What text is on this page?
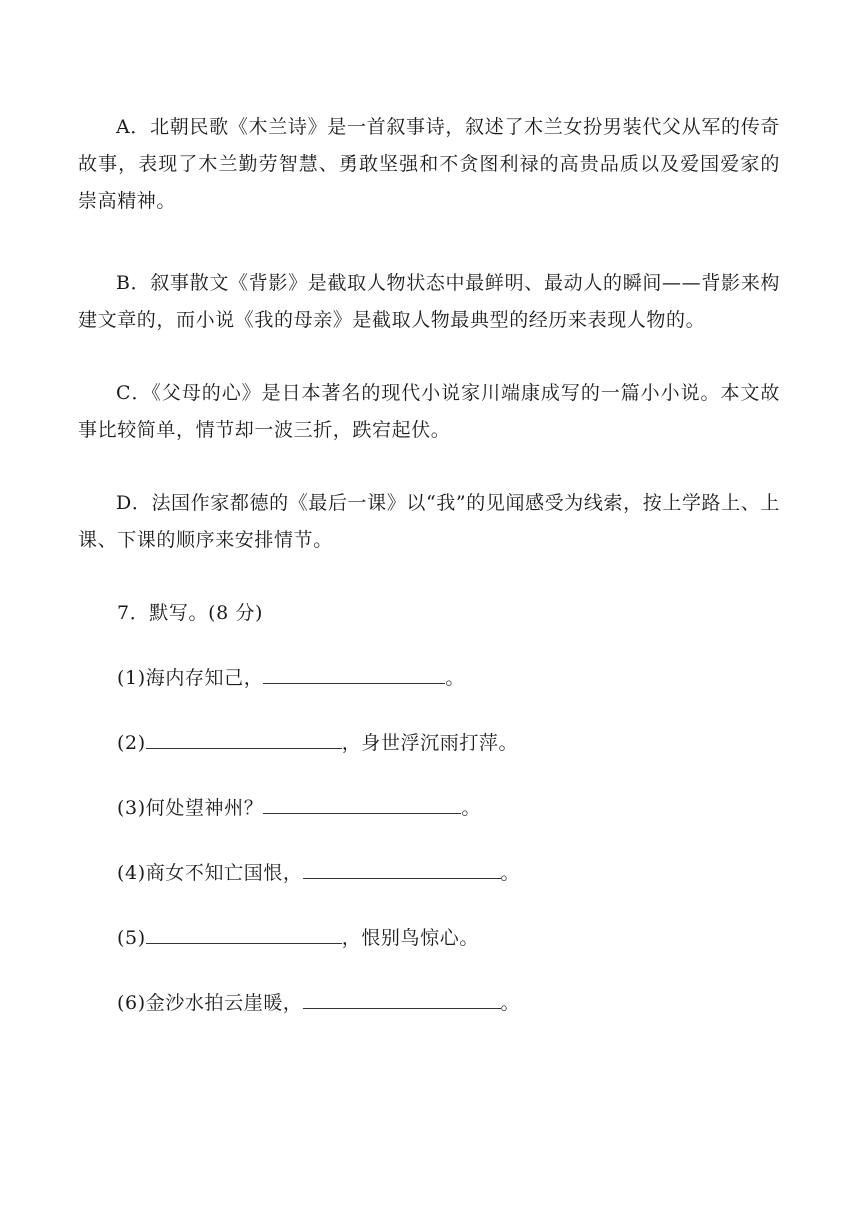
A．北朝民歌《木兰诗》是一首叙事诗，叙述了木兰女扮男装代父从军的传奇故事，表现了木兰勤劳智慧、勇敢坚强和不贪图利禄的高贵品质以及爱国爱家的崇高精神。

B．叙事散文《背影》是截取人物状态中最鲜明、最动人的瞬间——背影来构建文章的，而小说《我的母亲》是截取人物最典型的经历来表现人物的。

C．《父母的心》是日本著名的现代小说家川端康成写的一篇小小说。本文故事比较简单，情节却一波三折，跌宕起伏。

D．法国作家都德的《最后一课》以“我”的见闻感受为线索，按上学路上、上课、下课的顺序来安排情节。

7．默写。(8 分)

(1)海内存知己，	。

(2)	，身世浮沉雨打萍。

(3)何处望神州？	。

(4)商女不知亡国恨，	。

(5)	，恨别鸟惊心。

(6)金沙水拍云崖暖，	。
